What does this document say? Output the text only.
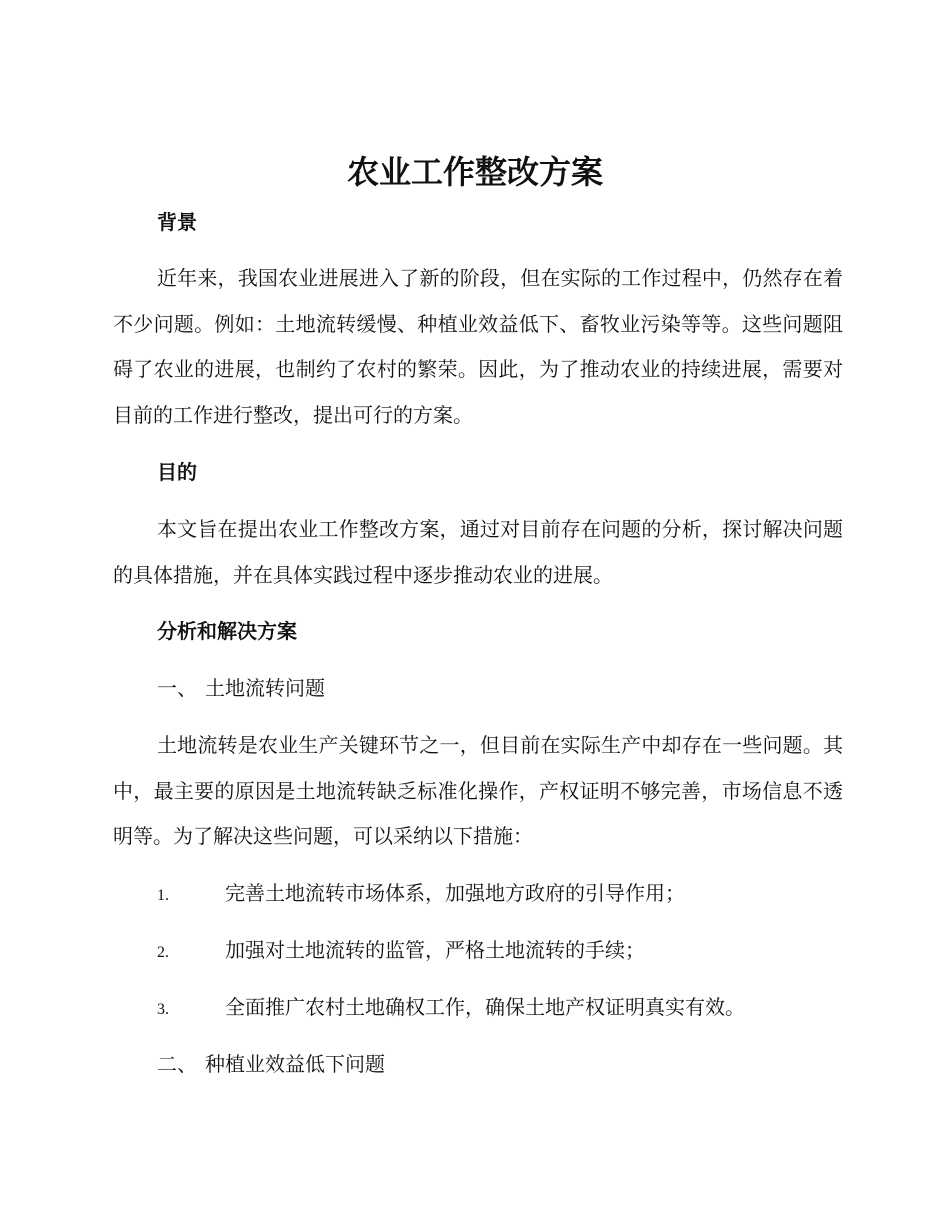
农业工作整改方案
背景

近年来，我国农业进展进入了新的阶段，但在实际的工作过程中，仍然存在着不少问题。例如：土地流转缓慢、种植业效益低下、畜牧业污染等等。这些问题阻碍了农业的进展，也制约了农村的繁荣。因此，为了推动农业的持续进展，需要对目前的工作进行整改，提出可行的方案。

目的

本文旨在提出农业工作整改方案，通过对目前存在问题的分析，探讨解决问题的具体措施，并在具体实践过程中逐步推动农业的进展。

分析和解决方案

一、 土地流转问题

土地流转是农业生产关键环节之一，但目前在实际生产中却存在一些问题。其中，最主要的原因是土地流转缺乏标准化操作，产权证明不够完善，市场信息不透明等。为了解决这些问题，可以采纳以下措施：

1.	完善土地流转市场体系，加强地方政府的引导作用；

2.	加强对土地流转的监管，严格土地流转的手续；

3.	全面推广农村土地确权工作，确保土地产权证明真实有效。

二、 种植业效益低下问题
